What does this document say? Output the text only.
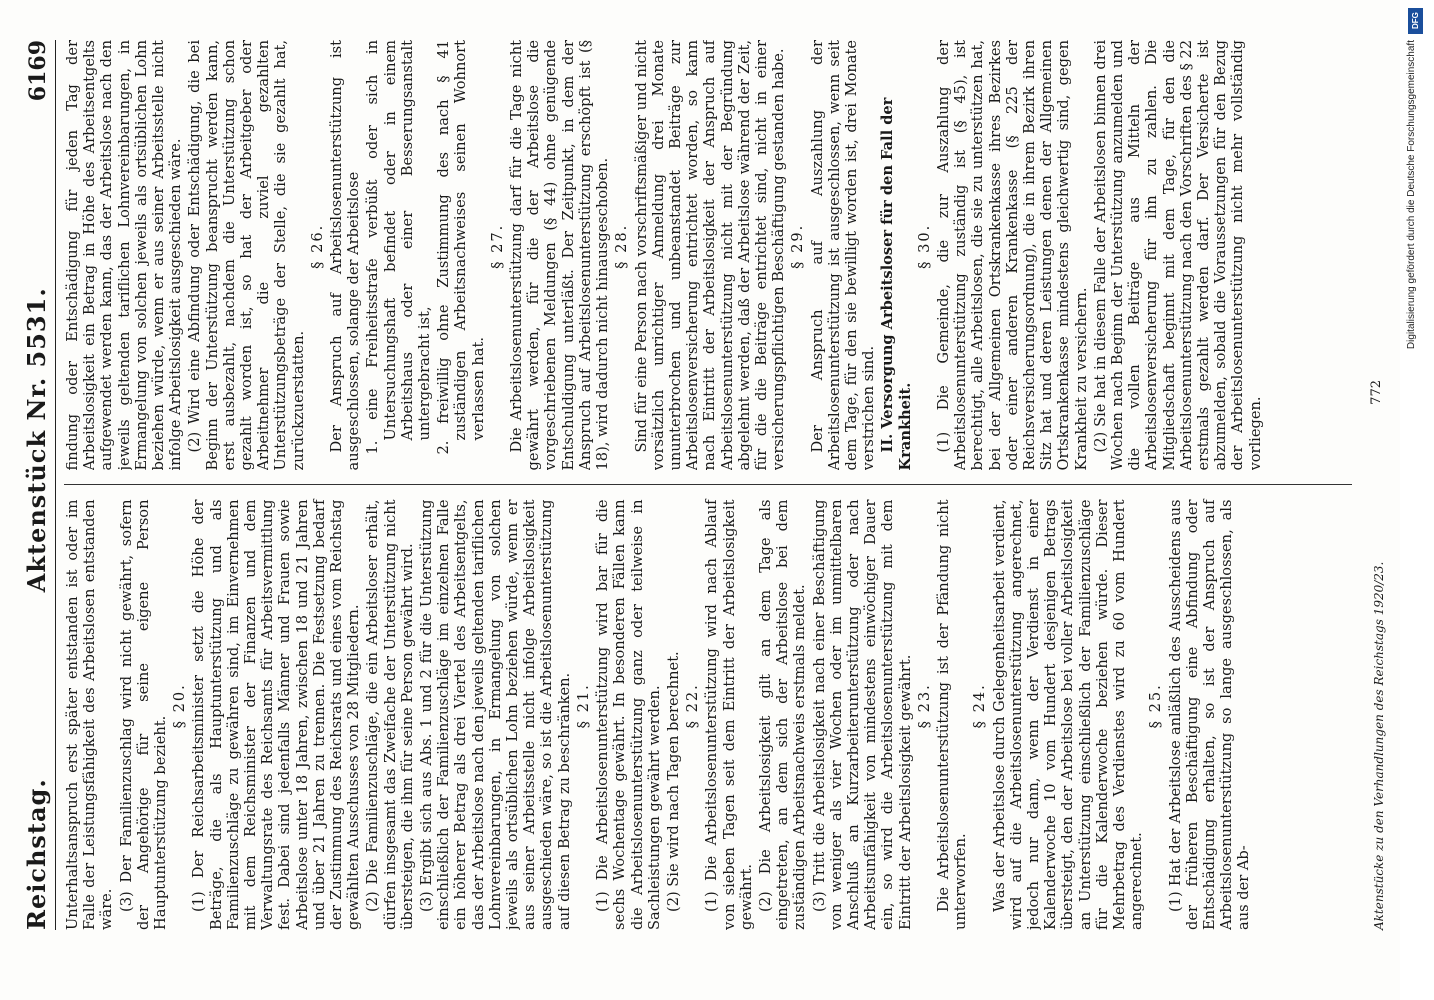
Reichstag.
Aktenstück Nr. 5531.
6169

Unterhaltsanspruch erst später entstanden ist oder im Falle der Leistungsfähigkeit des Arbeitslosen entstanden wäre. (3) Der Familienzuschlag wird nicht gewährt, sofern der Angehörige für seine eigene Person Hauptunterstützung bezieht.

§ 20. (1) Der Reichsarbeitsminister setzt die Höhe der Beträge, die als Hauptunterstützung und als Familienzuschläge zu gewähren sind, im Einvernehmen mit dem Reichsminister der Finanzen und dem Verwaltungsrate des Reichsamts für Arbeitsvermittlung fest. Dabei sind jedenfalls Männer und Frauen sowie Arbeitslose unter 18 Jahren, zwischen 18 und 21 Jahren und über 21 Jahren zu trennen. Die Festsetzung bedarf der Zustimmung des Reichsrats und eines vom Reichstag gewählten Ausschusses von 28 Mitgliedern. (2) Die Familienzuschläge, die ein Arbeitsloser erhält, dürfen insgesamt das Zweifache der Unterstützung nicht übersteigen, die ihm für seine Person gewährt wird. (3) Ergibt sich aus Abs. 1 und 2 für die Unterstützung einschließlich der Familienzuschläge im einzelnen Falle ein höherer Betrag als drei Viertel des Arbeitsentgelts, das der Arbeitslose nach den jeweils geltenden tariflichen Lohnvereinbarungen, in Ermangelung von solchen jeweils als ortsüblichen Lohn beziehen würde, wenn er aus seiner Arbeitsstelle nicht infolge Arbeitslosigkeit ausgeschieden wäre, so ist die Arbeitslosenunterstützung auf diesen Betrag zu beschränken. § 21. (1) Die Arbeitslosenunterstützung wird bar für die sechs Wochentage gewährt. In besonderen Fällen kann die Arbeitslosenunterstützung ganz oder teilweise in Sachleistungen gewährt werden. (2) Sie wird nach Tagen berechnet. § 22. (1) Die Arbeitslosenunterstützung wird nach Ablauf von sieben Tagen seit dem Eintritt der Arbeitslosigkeit gewährt. (2) Die Arbeitslosigkeit gilt an dem Tage als eingetreten, an dem sich der Arbeitslose bei dem zuständigen Arbeitsnachweis erstmals meldet. (3) Tritt die Arbeitslosigkeit nach einer Beschäftigung von weniger als vier Wochen oder im unmittelbaren Anschluß an Kurzarbeiterunterstützung oder nach Arbeitsunfähigkeit von mindestens einwöchiger Dauer ein, so wird die Arbeitslosenunterstützung mit dem Eintritt der Arbeitslosigkeit gewährt. § 23. Die Arbeitslosenunterstützung ist der Pfändung nicht unterworfen.

§ 24. Was der Arbeitslose durch Gelegenheitsarbeit verdient, wird auf die Arbeitslosenunterstützung angerechnet, jedoch nur dann, wenn der Verdienst in einer Kalenderwoche 10 vom Hundert desjenigen Betrags übersteigt, den der Arbeitslose bei voller Arbeitslosigkeit an Unterstützung einschließlich der Familienzuschläge für die Kalenderwoche beziehen würde. Dieser Mehrbetrag des Verdienstes wird zu 60 vom Hundert angerechnet.

§ 25. (1) Hat der Arbeitslose anläßlich des Ausscheidens aus der früheren Beschäftigung eine Abfindung oder Entschädigung erhalten, so ist der Anspruch auf Arbeitslosenunterstützung so lange ausgeschlossen, als aus der Ab-

findung oder Entschädigung für jeden Tag der Arbeitslosigkeit ein Betrag in Höhe des Arbeitsentgelts aufgewendet werden kann, das der Arbeitslose nach den jeweils geltenden tariflichen Lohnvereinbarungen, in Ermangelung von solchen jeweils als ortsüblichen Lohn beziehen würde, wenn er aus seiner Arbeitsstelle nicht infolge Arbeitslosigkeit ausgeschieden wäre. (2) Wird eine Abfindung oder Entschädigung, die bei Beginn der Unterstützung beansprucht werden kann, erst ausbezahlt, nachdem die Unterstützung schon gezahlt worden ist, so hat der Arbeitgeber oder Arbeitnehmer die zuviel gezahlten Unterstützungsbeträge der Stelle, die sie gezahlt hat, zurückzuerstatten.

§ 26. Der Anspruch auf Arbeitslosenunterstützung ist ausgeschlossen, solange der Arbeitslose 1. eine Freiheitsstrafe verbüßt oder sich in Untersuchungshaft befindet oder in einem Arbeitshaus oder einer Besserungsanstalt untergebracht ist, 2. freiwillig ohne Zustimmung des nach § 41 zuständigen Arbeitsnachweises seinen Wohnort verlassen hat.

§ 27. Die Arbeitslosenunterstützung darf für die Tage nicht gewährt werden, für die der Arbeitslose die vorgeschriebenen Meldungen (§ 44) ohne genügende Entschuldigung unterläßt. Der Zeitpunkt, in dem der Anspruch auf Arbeitslosenunterstützung erschöpft ist (§ 18), wird dadurch nicht hinausgeschoben. § 28. Sind für eine Person nach vorschriftsmäßiger und nicht vorsätzlich unrichtiger Anmeldung drei Monate ununterbrochen und unbeanstandet Beiträge zur Arbeitslosenversicherung entrichtet worden, so kann nach Eintritt der Arbeitslosigkeit der Anspruch auf Arbeitslosenunterstützung nicht mit der Begründung abgelehnt werden, daß der Arbeitslose während der Zeit, für die die Beiträge entrichtet sind, nicht in einer versicherungspflichtigen Beschäftigung gestanden habe. § 29. Der Anspruch auf Auszahlung der Arbeitslosenunterstützung ist ausgeschlossen, wenn seit dem Tage, für den sie bewilligt worden ist, drei Monate verstrichen sind. II. Versorgung Arbeitsloser für den Fall der Krankheit.

§ 30. (1) Die Gemeinde, die zur Auszahlung der Arbeitslosenunterstützung zuständig ist (§ 45), ist berechtigt, alle Arbeitslosen, die sie zu unterstützen hat, bei der Allgemeinen Ortskrankenkasse ihres Bezirkes oder einer anderen Krankenkasse (§ 225 der Reichsversicherungsordnung), die in ihrem Bezirk ihren Sitz hat und deren Leistungen denen der Allgemeinen Ortskrankenkasse mindestens gleichwertig sind, gegen Krankheit zu versichern. (2) Sie hat in diesem Falle der Arbeitslosen binnen drei Wochen nach Beginn der Unterstützung anzumelden und die vollen Beiträge aus Mitteln der Arbeitslosenversicherung für ihn zu zahlen. Die Mitgliedschaft beginnt mit dem Tage, für den die Arbeitslosenunterstützung nach den Vorschriften des § 22 erstmals gezahlt werden darf. Der Versicherte ist abzumelden, sobald die Voraussetzungen für den Bezug der Arbeitslosenunterstützung nicht mehr vollständig vorliegen.

Aktenstücke zu den Verhandlungen des Reichstags 1920/23.
772
DFG
Digitalisierung gefördert durch die Deutsche Forschungsgemeinschaft
